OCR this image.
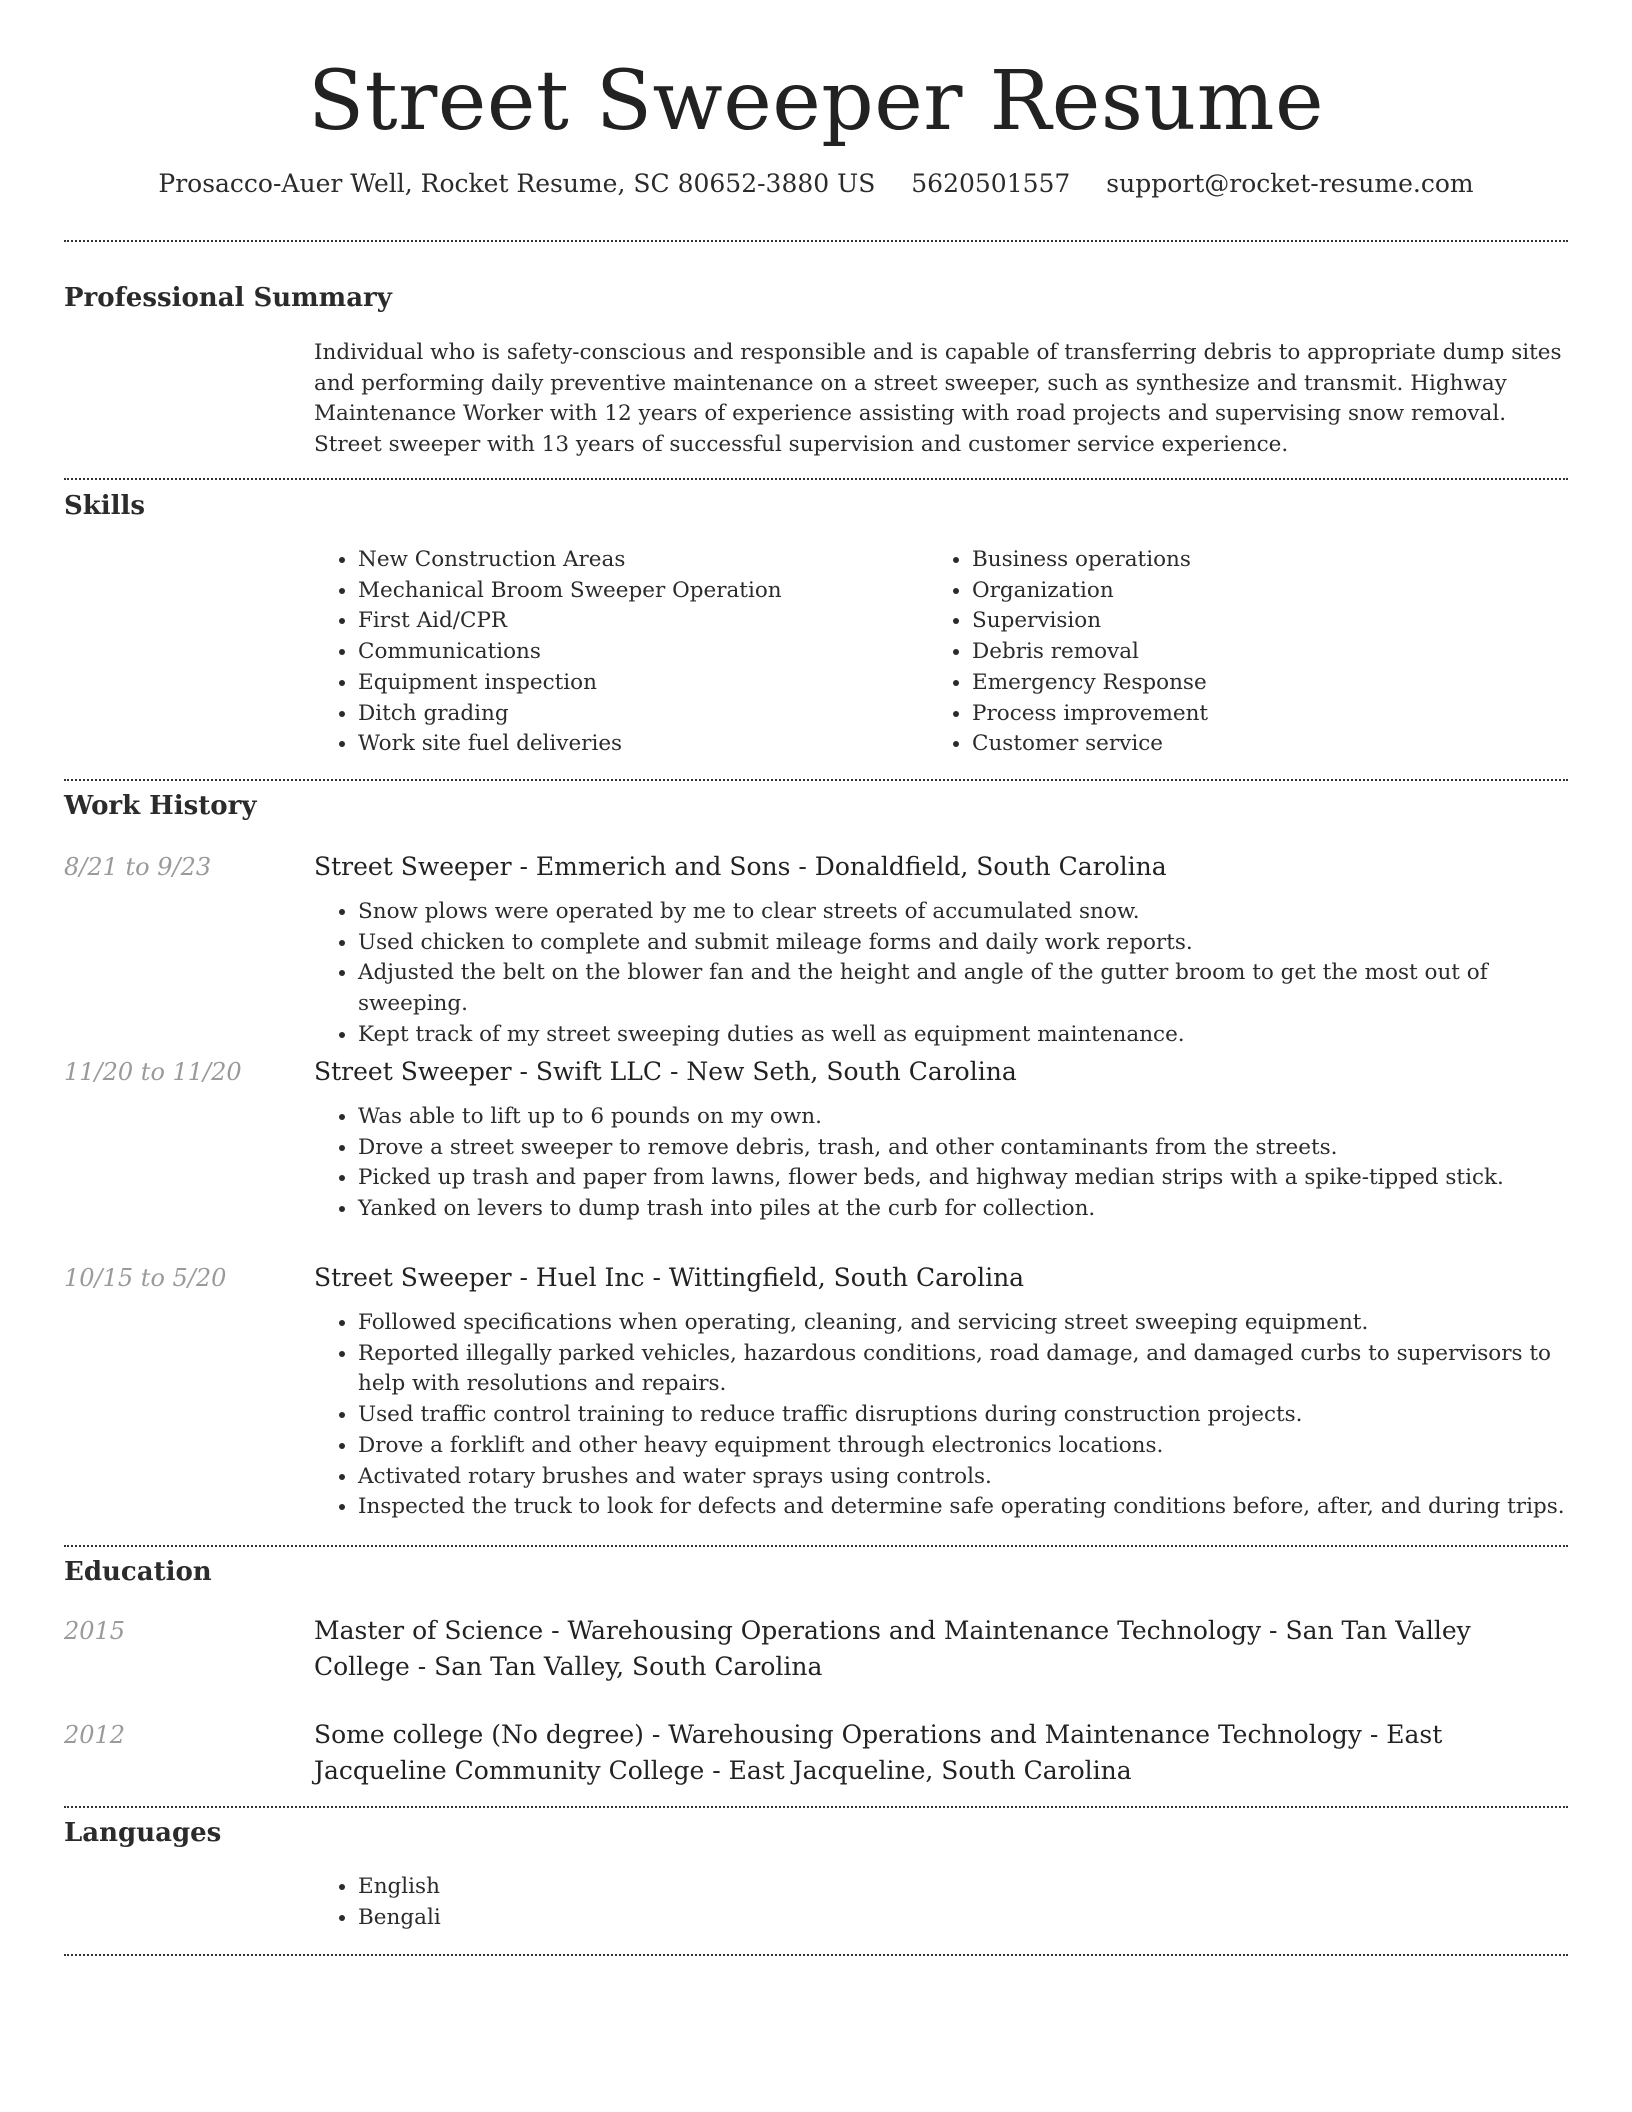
Street Sweeper Resume
Prosacco-Auer Well, Rocket Resume, SC 80652-3880 US 5620501557 support@rocket-resume.com
Professional Summary

Individual who is safety-conscious and responsible and is capable of transferring debris to appropriate dump sites and performing daily preventive maintenance on a street sweeper, such as synthesize and transmit. Highway Maintenance Worker with 12 years of experience assisting with road projects and supervising snow removal. Street sweeper with 13 years of successful supervision and customer service experience.

Skills
• New Construction Areas
• Mechanical Broom Sweeper Operation
• First Aid/CPR
• Communications
• Equipment inspection
• Ditch grading
• Work site fuel deliveries
• Business operations
• Organization
• Supervision
• Debris removal
• Emergency Response
• Process improvement
• Customer service
Work History
8/21 to 9/23	Street Sweeper - Emmerich and Sons - Donaldfield, South Carolina
• Snow plows were operated by me to clear streets of accumulated snow.
• Used chicken to complete and submit mileage forms and daily work reports.
• Adjusted the belt on the blower fan and the height and angle of the gutter broom to get the most out of sweeping.
• Kept track of my street sweeping duties as well as equipment maintenance.
11/20 to 11/20	Street Sweeper - Swift LLC - New Seth, South Carolina
• Was able to lift up to 6 pounds on my own.
• Drove a street sweeper to remove debris, trash, and other contaminants from the streets.
• Picked up trash and paper from lawns, flower beds, and highway median strips with a spike-tipped stick.
• Yanked on levers to dump trash into piles at the curb for collection.
10/15 to 5/20	Street Sweeper - Huel Inc - Wittingfield, South Carolina
• Followed specifications when operating, cleaning, and servicing street sweeping equipment.
• Reported illegally parked vehicles, hazardous conditions, road damage, and damaged curbs to supervisors to help with resolutions and repairs.
• Used traffic control training to reduce traffic disruptions during construction projects.
• Drove a forklift and other heavy equipment through electronics locations.
• Activated rotary brushes and water sprays using controls.
• Inspected the truck to look for defects and determine safe operating conditions before, after, and during trips.
Education
2015	Master of Science - Warehousing Operations and Maintenance Technology - San Tan Valley College - San Tan Valley, South Carolina
2012	Some college (No degree) - Warehousing Operations and Maintenance Technology - East Jacqueline Community College - East Jacqueline, South Carolina
Languages
• English
• Bengali
